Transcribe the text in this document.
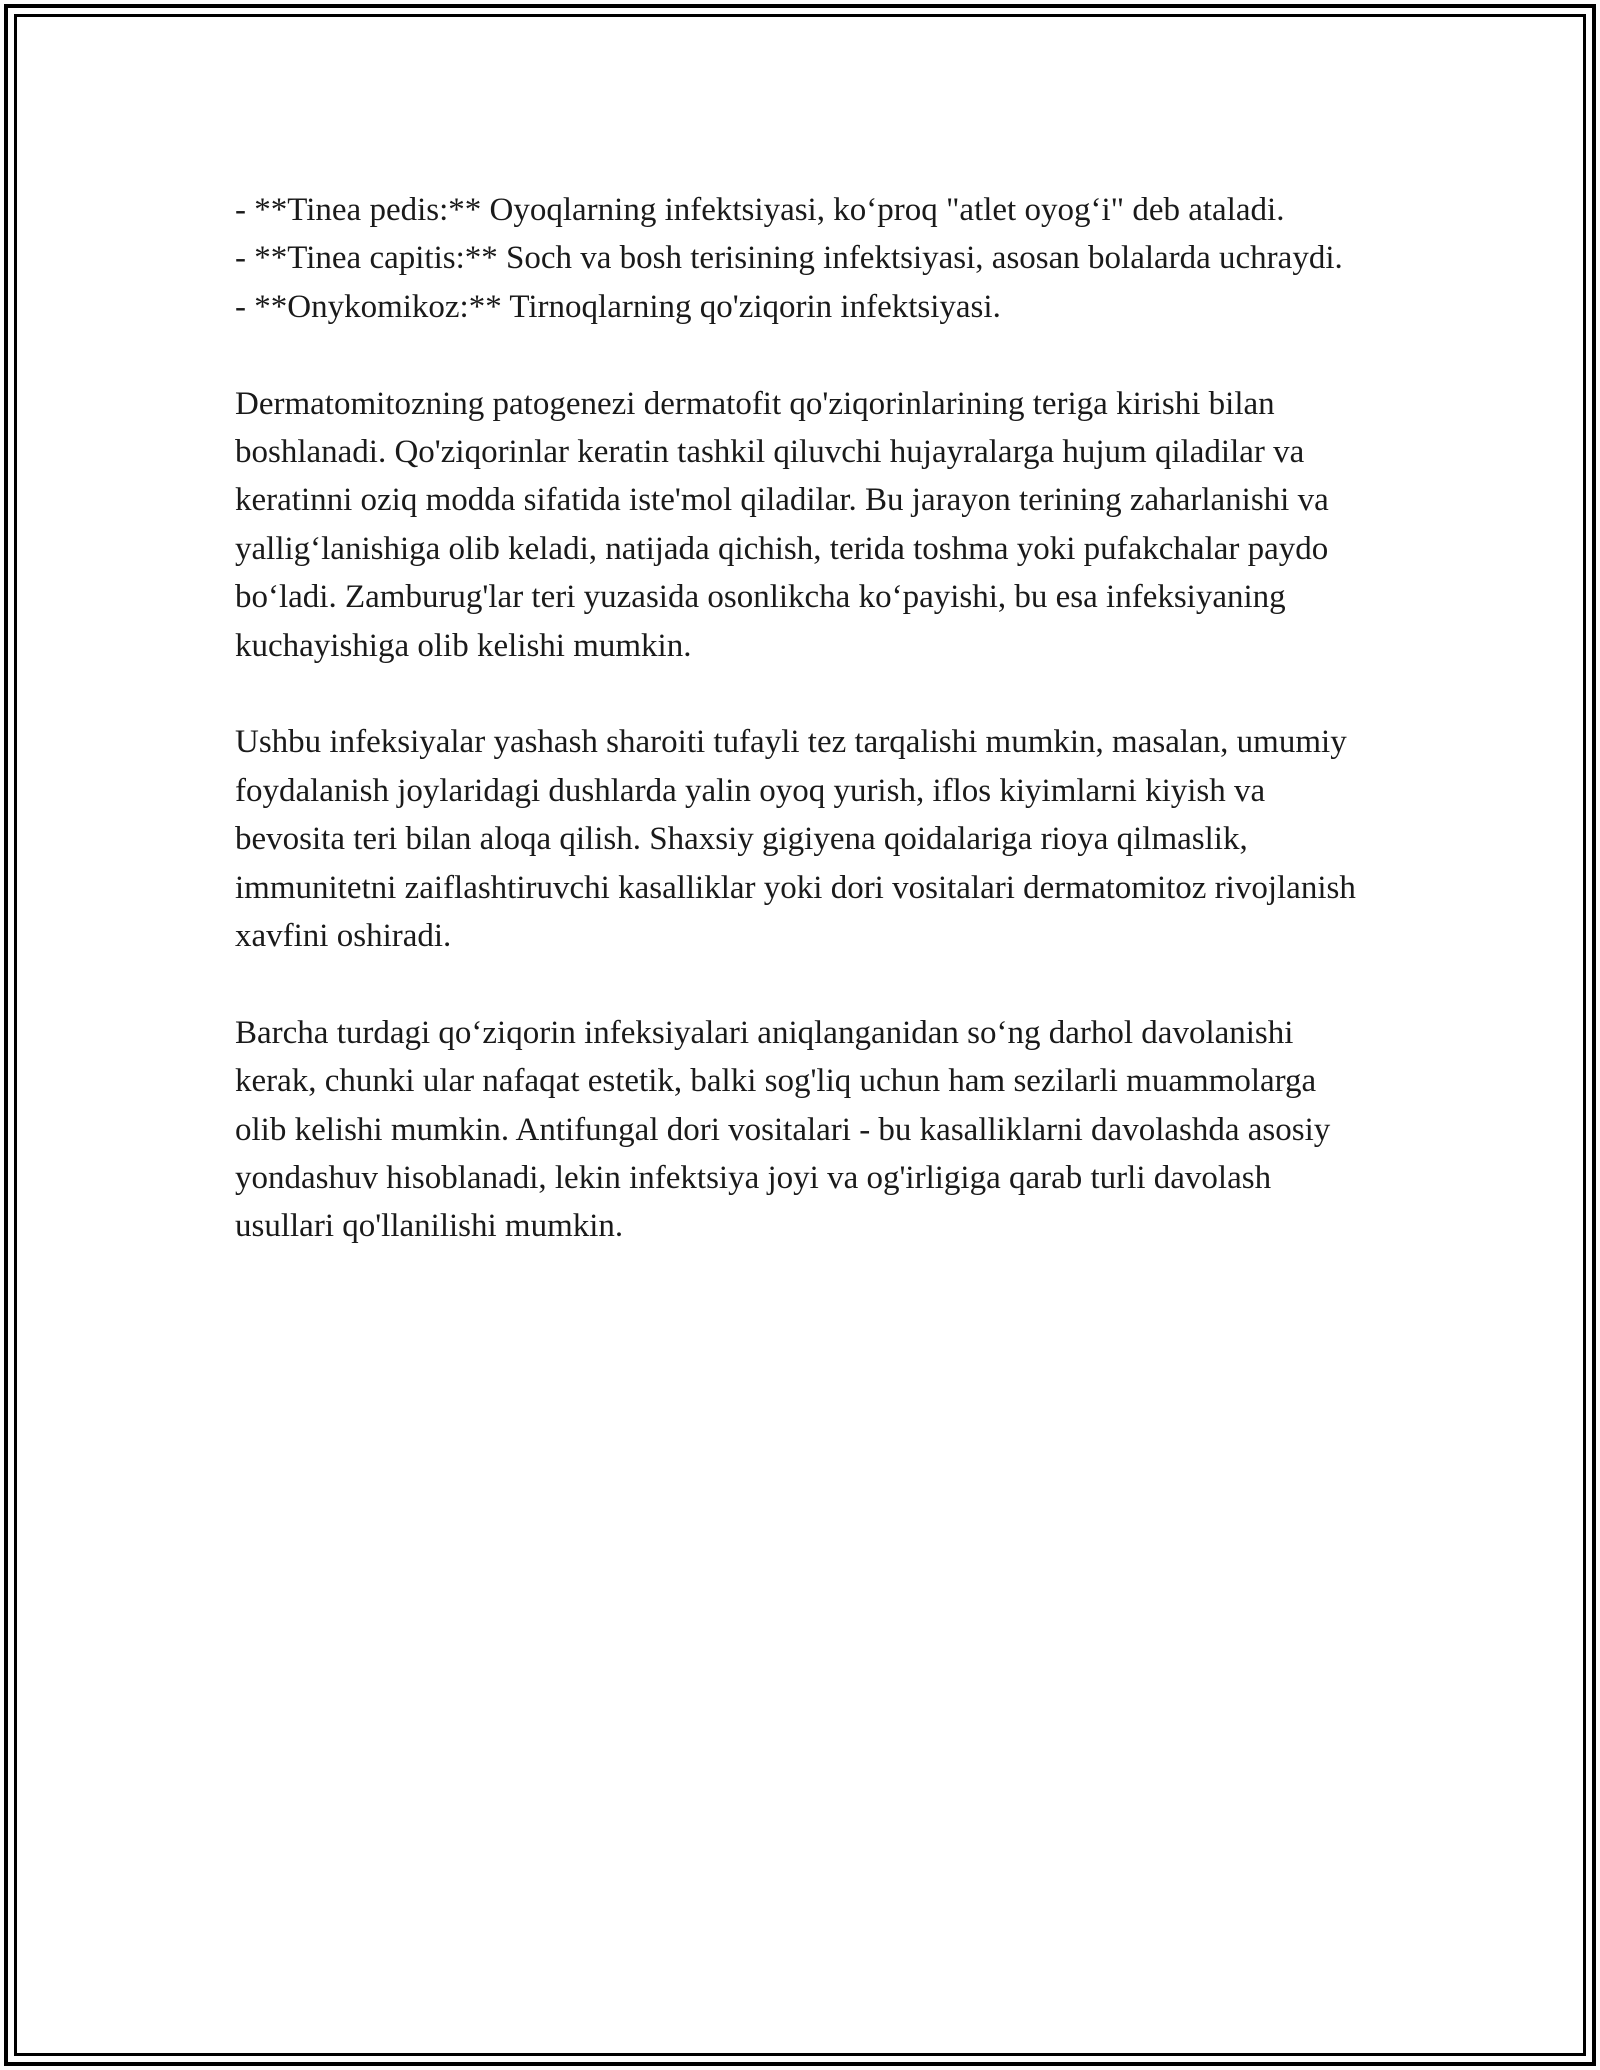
- **Tinea pedis:** Oyoqlarning infektsiyasi, ko‘proq "atlet oyog‘i" deb ataladi.

- **Tinea capitis:** Soch va bosh terisining infektsiyasi, asosan bolalarda uchraydi.

- **Onykomikoz:** Tirnoqlarning qo'ziqorin infektsiyasi.

Dermatomitozning patogenezi dermatofit qo'ziqorinlarining teriga kirishi bilan boshlanadi. Qo'ziqorinlar keratin tashkil qiluvchi hujayralarga hujum qiladilar va keratinni oziq modda sifatida iste'mol qiladilar. Bu jarayon terining zaharlanishi va yallig‘lanishiga olib keladi, natijada qichish, terida toshma yoki pufakchalar paydo bo‘ladi. Zamburug'lar teri yuzasida osonlikcha ko‘payishi, bu esa infeksiyaning kuchayishiga olib kelishi mumkin.

Ushbu infeksiyalar yashash sharoiti tufayli tez tarqalishi mumkin, masalan, umumiy foydalanish joylaridagi dushlarda yalin oyoq yurish, iflos kiyimlarni kiyish va bevosita teri bilan aloqa qilish. Shaxsiy gigiyena qoidalariga rioya qilmaslik, immunitetni zaiflashtiruvchi kasalliklar yoki dori vositalari dermatomitoz rivojlanish xavfini oshiradi.

Barcha turdagi qo‘ziqorin infeksiyalari aniqlanganidan so‘ng darhol davolanishi kerak, chunki ular nafaqat estetik, balki sog'liq uchun ham sezilarli muammolarga olib kelishi mumkin. Antifungal dori vositalari - bu kasalliklarni davolashda asosiy yondashuv hisoblanadi, lekin infektsiya joyi va og'irligiga qarab turli davolash usullari qo'llanilishi mumkin.
